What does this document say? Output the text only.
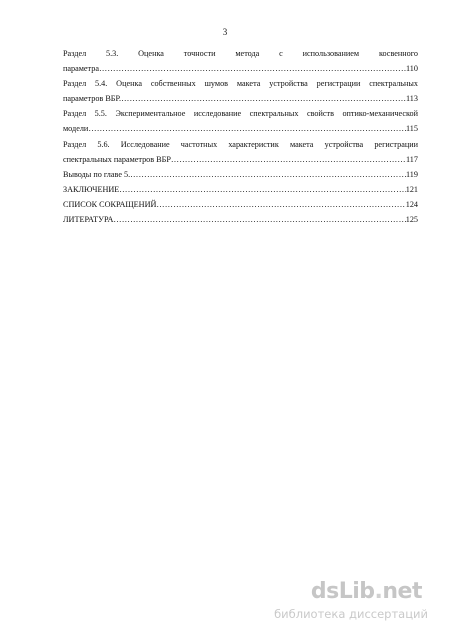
3
Раздел 5.3. Оценка точности метода с использованием косвенного
параметра ……………………………………………………………………………………………………………………………………………………………………………	110
Раздел 5.4. Оценка собственных шумов макета устройства регистрации спектральных
параметров ВБР. ……………………………………………………………………………………………………………………………………………………………………………	113
Раздел 5.5. Экспериментальное исследование спектральных свойств оптико-механической
модели ……………………………………………………………………………………………………………………………………………………………………………	115
Раздел 5.6. Исследование частотных характеристик макета устройства регистрации
спектральных параметров ВБР ……………………………………………………………………………………………………………………………………………………………………………	117
Выводы по главе 5. ……………………………………………………………………………………………………………………………………………………………………………	119
ЗАКЛЮЧЕНИЕ ……………………………………………………………………………………………………………………………………………………………………………	121
СПИСОК СОКРАЩЕНИЙ ……………………………………………………………………………………………………………………………………………………………………………	124
ЛИТЕРАТУРА ……………………………………………………………………………………………………………………………………………………………………………	125
dsLib.net
библиотека диссертаций
